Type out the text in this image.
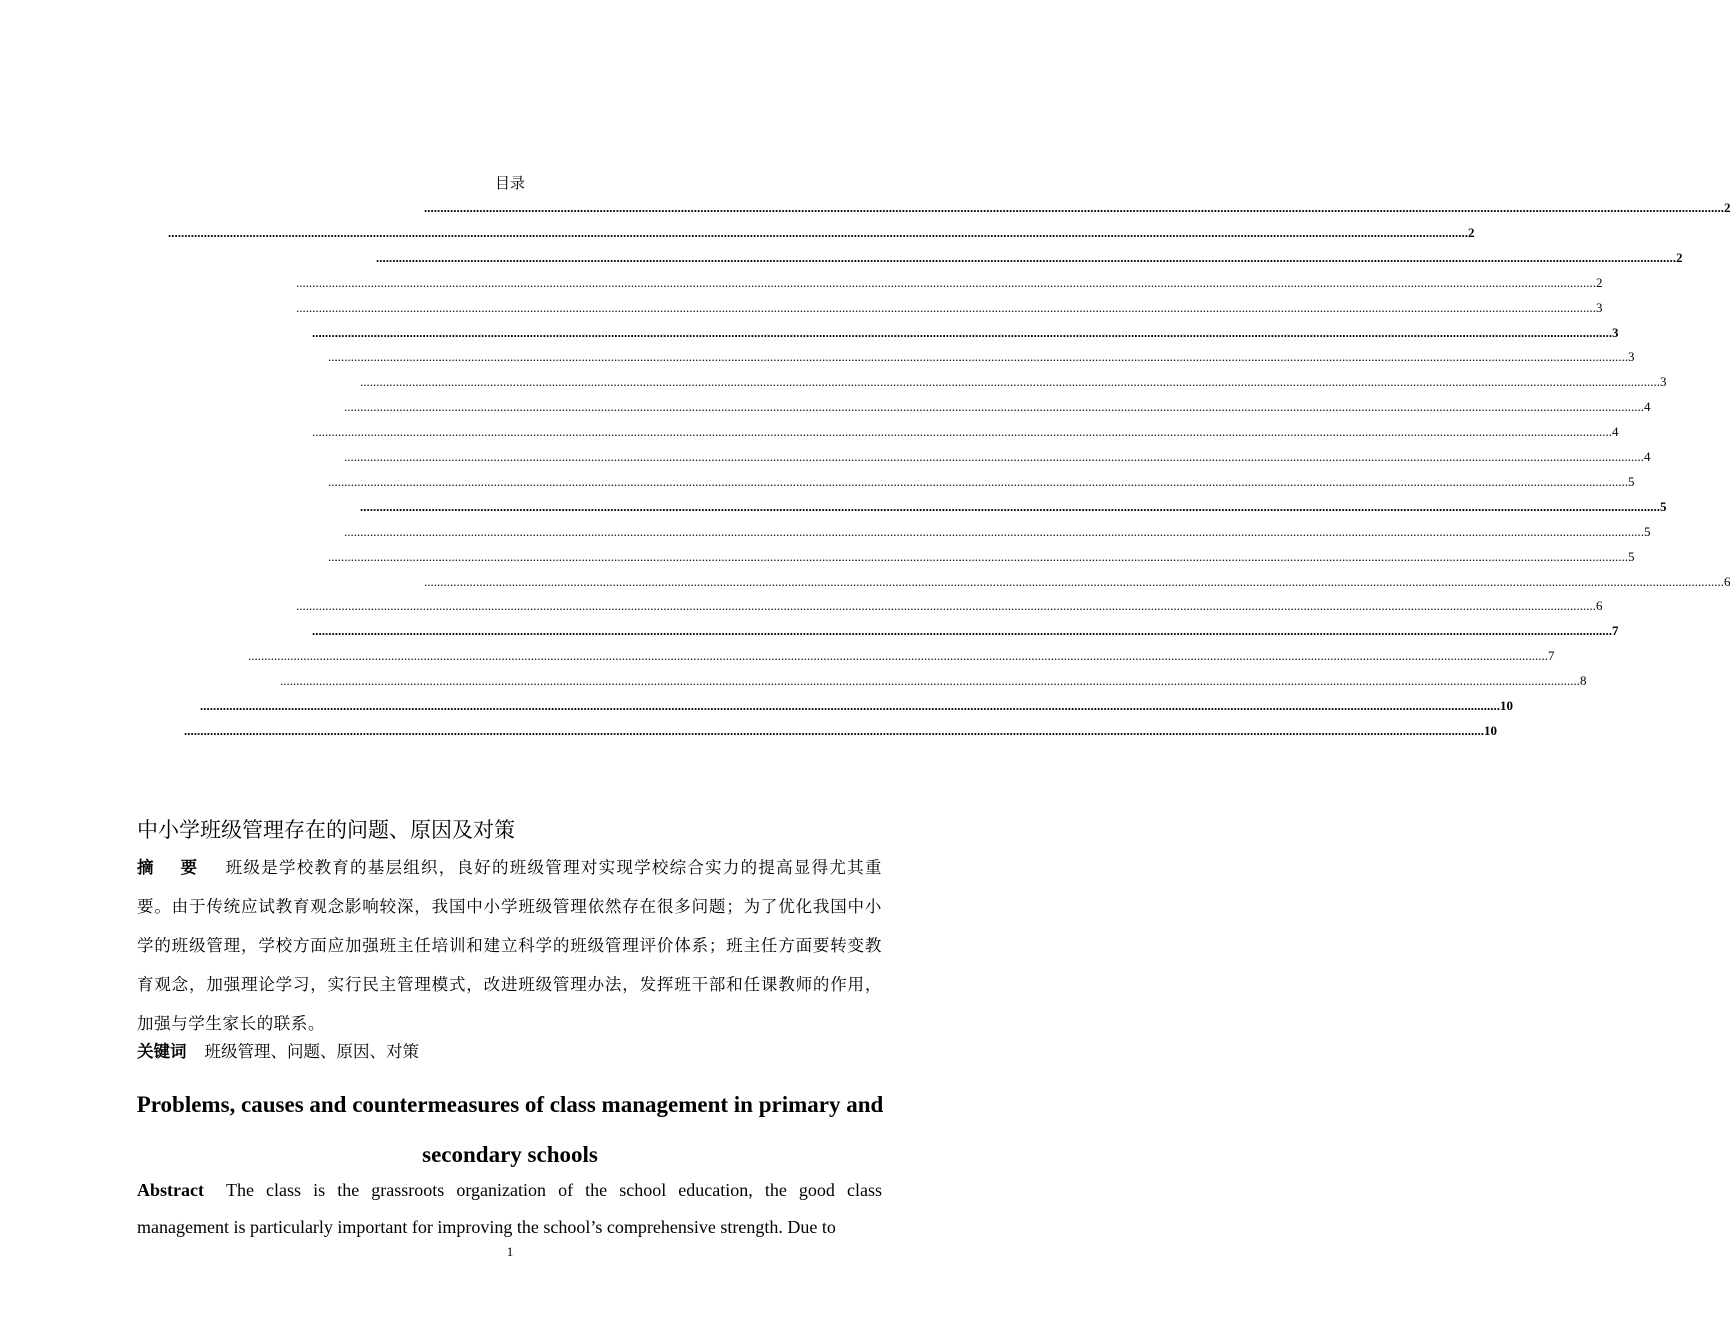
目录
................................................................................................................................................................................................................................................................................................................................................................................................................ 2
................................................................................................................................................................................................................................................................................................................................................................................................................ 2
................................................................................................................................................................................................................................................................................................................................................................................................................ 2
................................................................................................................................................................................................................................................................................................................................................................................................................ 2
................................................................................................................................................................................................................................................................................................................................................................................................................ 3
................................................................................................................................................................................................................................................................................................................................................................................................................ 3
................................................................................................................................................................................................................................................................................................................................................................................................................ 3
................................................................................................................................................................................................................................................................................................................................................................................................................ 3
................................................................................................................................................................................................................................................................................................................................................................................................................ 4
................................................................................................................................................................................................................................................................................................................................................................................................................ 4
................................................................................................................................................................................................................................................................................................................................................................................................................ 4
................................................................................................................................................................................................................................................................................................................................................................................................................ 5
................................................................................................................................................................................................................................................................................................................................................................................................................ 5
................................................................................................................................................................................................................................................................................................................................................................................................................ 5
................................................................................................................................................................................................................................................................................................................................................................................................................ 5
................................................................................................................................................................................................................................................................................................................................................................................................................ 6
................................................................................................................................................................................................................................................................................................................................................................................................................ 6
................................................................................................................................................................................................................................................................................................................................................................................................................ 7
................................................................................................................................................................................................................................................................................................................................................................................................................ 7
................................................................................................................................................................................................................................................................................................................................................................................................................ 8
................................................................................................................................................................................................................................................................................................................................................................................................................ 10
................................................................................................................................................................................................................................................................................................................................................................................................................ 10
中小学班级管理存在的问题、原因及对策
摘 要 班级是学校教育的基层组织，良好的班级管理对实现学校综合实力的提高显得尤其重要。由于传统应试教育观念影响较深，我国中小学班级管理依然存在很多问题；为了优化我国中小学的班级管理，学校方面应加强班主任培训和建立科学的班级管理评价体系；班主任方面要转变教育观念，加强理论学习，实行民主管理模式，改进班级管理办法，发挥班干部和任课教师的作用，加强与学生家长的联系。
关键词 班级管理、问题、原因、对策
Problems, causes and countermeasures of class management in primary and secondary schools
Abstract The class is the grassroots organization of the school education, the good class management is particularly important for improving the school’s comprehensive strength. Due to
1
